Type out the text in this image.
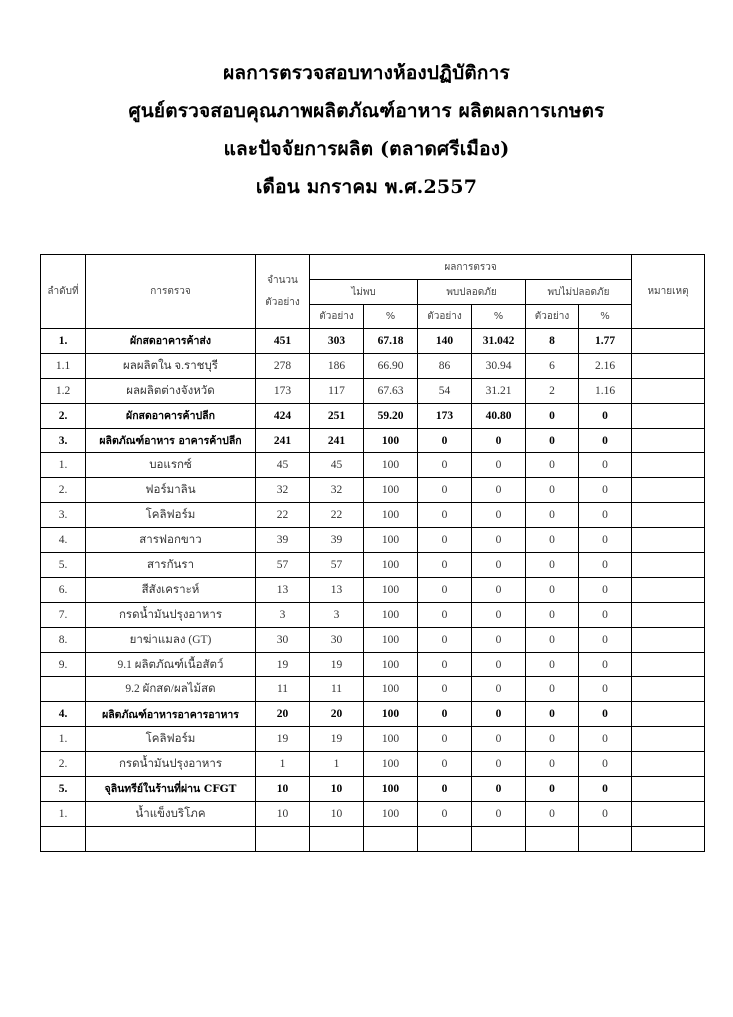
ผลการตรวจสอบทางห้องปฏิบัติการ
ศูนย์ตรวจสอบคุณภาพผลิตภัณฑ์อาหาร ผลิตผลการเกษตร
และปัจจัยการผลิต (ตลาดศรีเมือง)
เดือน มกราคม พ.ศ.2557
ลำดับที่	การตรวจ	จำนวนตัวอย่าง	ผลการตรวจ						หมายเหตุ
			ไม่พบ		พบปลอดภัย		พบไม่ปลอดภัย		
			ตัวอย่าง	%	ตัวอย่าง	%	ตัวอย่าง	%	
1.	ผักสดอาคารค้าส่ง	451	303	67.18	140	31.042	8	1.77	
1.1	ผลผลิตใน จ.ราชบุรี	278	186	66.90	86	30.94	6	2.16	
1.2	ผลผลิตต่างจังหวัด	173	117	67.63	54	31.21	2	1.16	
2.	ผักสดอาคารค้าปลีก	424	251	59.20	173	40.80	0	0	
3.	ผลิตภัณฑ์อาหาร อาคารค้าปลีก	241	241	100	0	0	0	0	
1.	บอแรกซ์	45	45	100	0	0	0	0	
2.	ฟอร์มาลิน	32	32	100	0	0	0	0	
3.	โคลิฟอร์ม	22	22	100	0	0	0	0	
4.	สารฟอกขาว	39	39	100	0	0	0	0	
5.	สารกันรา	57	57	100	0	0	0	0	
6.	สีสังเคราะห์	13	13	100	0	0	0	0	
7.	กรดน้ำมันปรุงอาหาร	3	3	100	0	0	0	0	
8.	ยาฆ่าแมลง (GT)	30	30	100	0	0	0	0	
9.	9.1 ผลิตภัณฑ์เนื้อสัตว์	19	19	100	0	0	0	0	
	9.2 ผักสด/ผลไม้สด	11	11	100	0	0	0	0	
4.	ผลิตภัณฑ์อาหารอาคารอาหาร	20	20	100	0	0	0	0	
1.	โคลิฟอร์ม	19	19	100	0	0	0	0	
2.	กรดน้ำมันปรุงอาหาร	1	1	100	0	0	0	0	
5.	จุลินทรีย์ในร้านที่ผ่าน CFGT	10	10	100	0	0	0	0	
1.	น้ำแข็งบริโภค	10	10	100	0	0	0	0	
